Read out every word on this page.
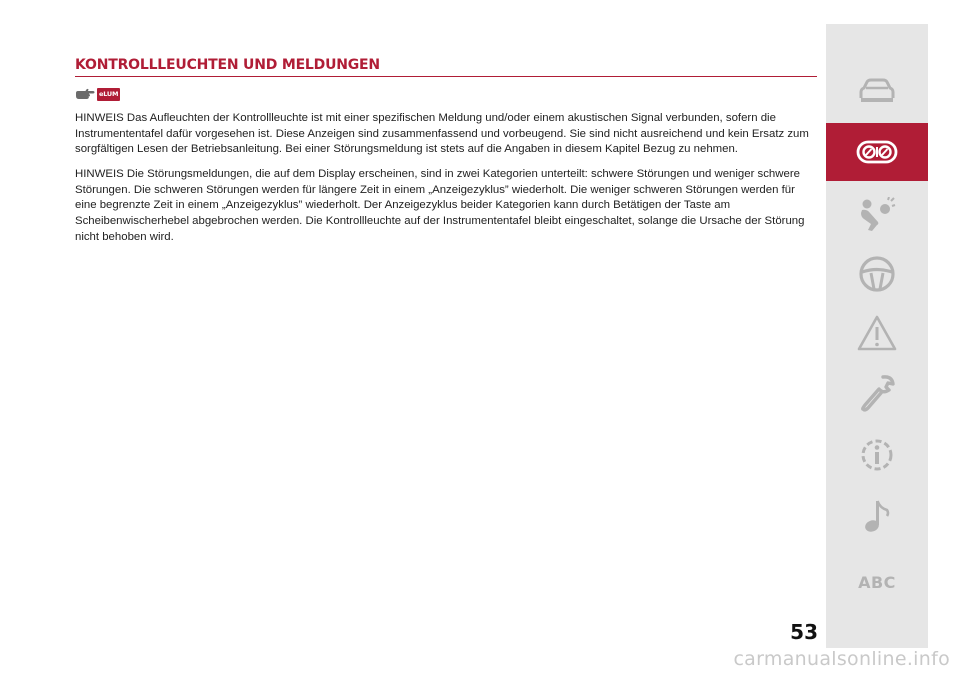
KONTROLLLEUCHTEN UND MELDUNGEN
eLUM

HINWEIS Das Aufleuchten der Kontrollleuchte ist mit einer spezifischen Meldung und/oder einem akustischen Signal verbunden, sofern die Instrumententafel dafür vorgesehen ist. Diese Anzeigen sind zusammenfassend und vorbeugend. Sie sind nicht ausreichend und kein Ersatz zum sorgfältigen Lesen der Betriebsanleitung. Bei einer Störungsmeldung ist stets auf die Angaben in diesem Kapitel Bezug zu nehmen.

HINWEIS Die Störungsmeldungen, die auf dem Display erscheinen, sind in zwei Kategorien unterteilt: schwere Störungen und weniger schwere Störungen. Die schweren Störungen werden für längere Zeit in einem „Anzeigezyklus” wiederholt. Die weniger schweren Störungen werden für eine begrenzte Zeit in einem „Anzeigezyklus” wiederholt. Der Anzeigezyklus beider Kategorien kann durch Betätigen der Taste am Scheibenwischerhebel abgebrochen werden. Die Kontrollleuchte auf der Instrumententafel bleibt eingeschaltet, solange die Ursache der Störung nicht behoben wird.

ABC
53
carmanualsonline.info
